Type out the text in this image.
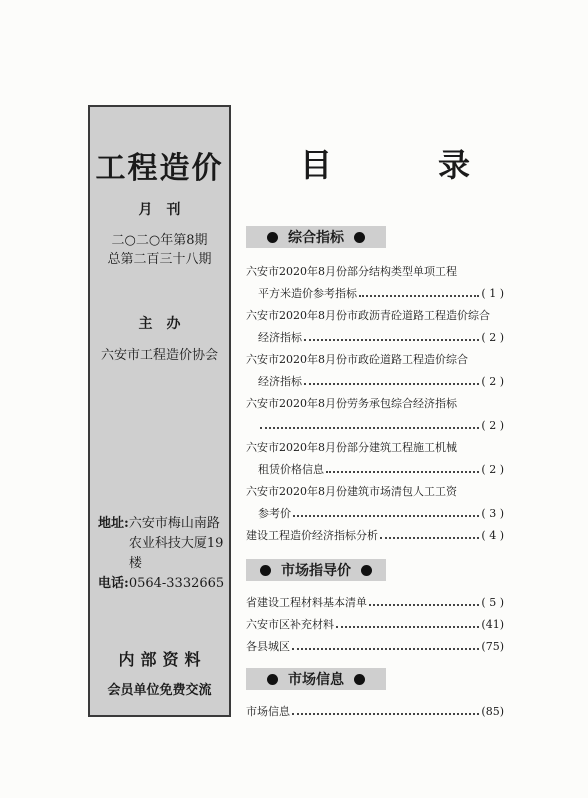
工程造价
月刊
二○二○年第8期
总第二百三十八期
主办
六安市工程造价协会
地址: 六安市梅山南路农业科技大厦19楼
电话: 0564-3332665
内部资料
会员单位免费交流
目	录
综合指标
六安市2020年8月份部分结构类型单项工程
平方米造价参考指标	( 1 )
六安市2020年8月份市政沥青砼道路工程造价综合
经济指标	( 2 )
六安市2020年8月份市政砼道路工程造价综合
经济指标	( 2 )
六安市2020年8月份劳务承包综合经济指标
( 2 )
六安市2020年8月份部分建筑工程施工机械
租赁价格信息	( 2 )
六安市2020年8月份建筑市场清包人工工资
参考价	( 3 )
建设工程造价经济指标分析	( 4 )
市场指导价
省建设工程材料基本清单	( 5 )
六安市区补充材料	(41)
各县城区	(75)
市场信息
市场信息	(85)
